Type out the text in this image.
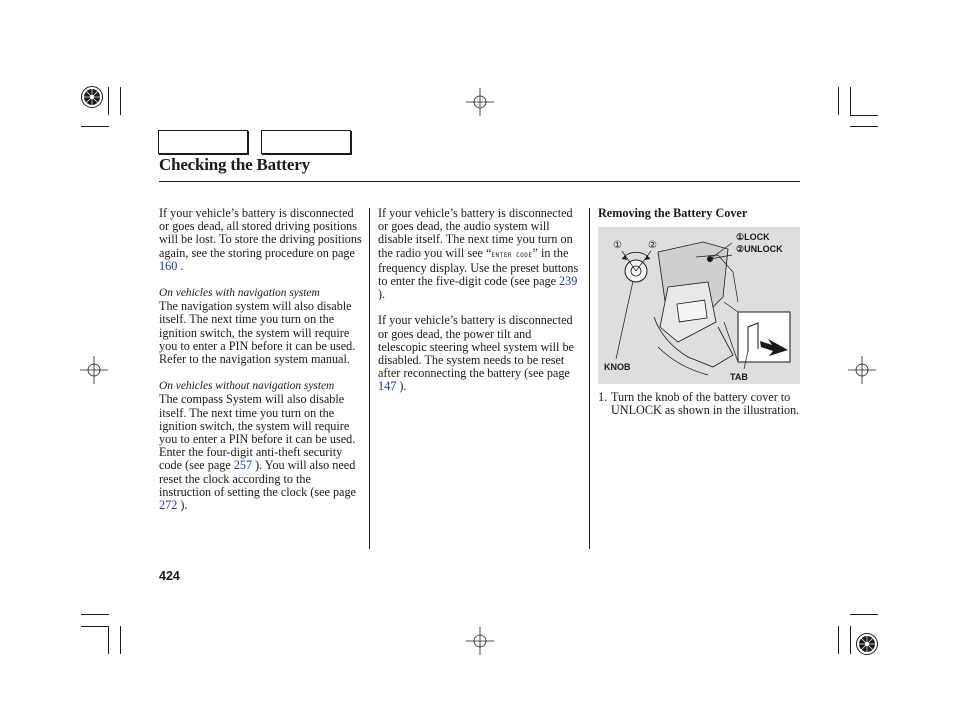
Checking the Battery

If your vehicle’s battery is disconnected or goes dead, all stored driving positions will be lost. To store the driving positions again, see the storing procedure on page 160 .

On vehicles with navigation system

The navigation system will also disable itself. The next time you turn on the ignition switch, the system will require you to enter a PIN before it can be used. Refer to the navigation system manual.

On vehicles without navigation system

The compass System will also disable itself. The next time you turn on the ignition switch, the system will require you to enter a PIN before it can be used. Enter the four-digit anti-theft security code (see page 257 ). You will also need reset the clock according to the instruction of setting the clock (see page 272 ).

If your vehicle’s battery is disconnected or goes dead, the audio system will disable itself. The next time you turn on the radio you will see “ENTER CODE” in the frequency display. Use the preset buttons to enter the five-digit code (see page 239 ).

If your vehicle’s battery is disconnected or goes dead, the power tilt and telescopic steering wheel system will be disabled. The system needs to be reset after reconnecting the battery (see page 147 ).

Removing the Battery Cover
①	②
①LOCK
②UNLOCK
KNOB
TAB
1. Turn the knob of the battery cover to UNLOCK as shown in the illustration.
424
